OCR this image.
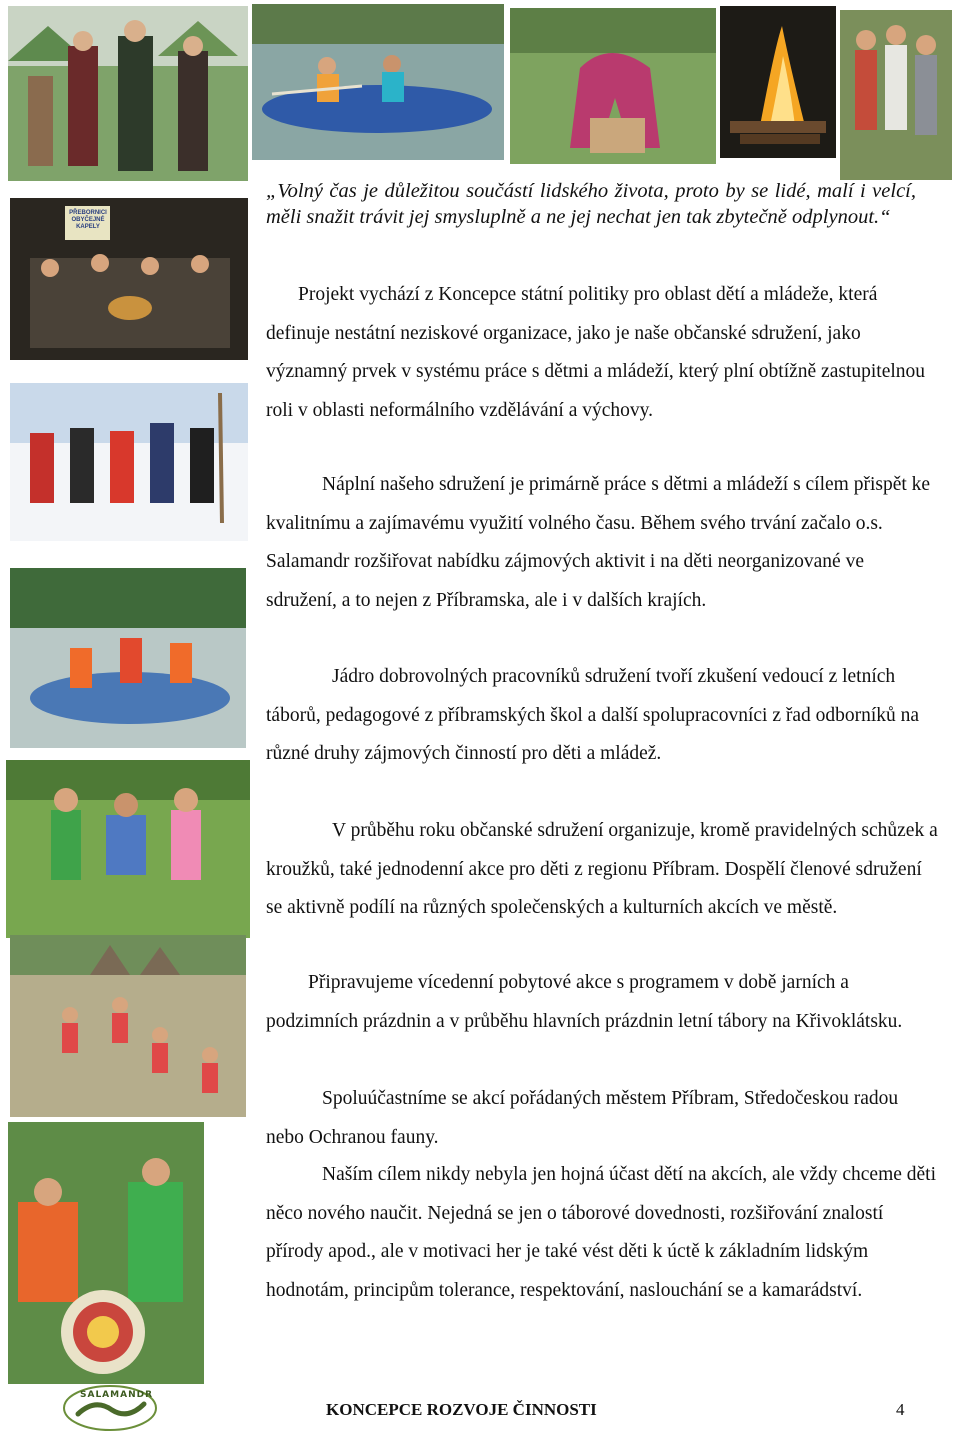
PŘEBORNICI OBYČEJNÉ KAPELY
„Volný čas je důležitou součástí lidského života, proto by se lidé, malí i velcí, měli snažit trávit jej smysluplně a ne jej nechat jen tak zbytečně odplynout.“

Projekt vychází z Koncepce státní politiky pro oblast dětí a mládeže, která definuje nestátní neziskové organizace, jako je naše občanské sdružení, jako významný prvek v systému práce s dětmi a mládeží, který plní obtížně zastupitelnou roli v oblasti neformálního vzdělávání a výchovy.

Náplní našeho sdružení je primárně práce s dětmi a mládeží s cílem přispět ke kvalitnímu a zajímavému využití volného času. Během svého trvání začalo o.s. Salamandr rozšiřovat nabídku zájmových aktivit i na děti neorganizované ve sdružení, a to nejen z Příbramska, ale i v dalších krajích.

Jádro dobrovolných pracovníků sdružení tvoří zkušení vedoucí z letních táborů, pedagogové z příbramských škol a další spolupracovníci z řad odborníků na různé druhy zájmových činností pro děti a mládež.

V průběhu roku občanské sdružení organizuje, kromě pravidelných schůzek a kroužků, také jednodenní akce pro děti z regionu Příbram. Dospělí členové sdružení se aktivně podílí na různých společenských a kulturních akcích ve městě.

Připravujeme vícedenní pobytové akce s programem v době jarních a podzimních prázdnin a v průběhu hlavních prázdnin letní tábory na Křivoklátsku.

Spoluúčastníme se akcí pořádaných městem Příbram, Středočeskou radou nebo Ochranou fauny.

Naším cílem nikdy nebyla jen hojná účast dětí na akcích, ale vždy chceme děti něco nového naučit. Nejedná se jen o táborové dovednosti, rozšiřování znalostí přírody apod., ale v motivaci her je také vést děti k úctě k základním lidským hodnotám, principům tolerance, respektování, naslouchání se a kamarádství.

SALAMANDR
KONCEPCE ROZVOJE ČINNOSTI	4
